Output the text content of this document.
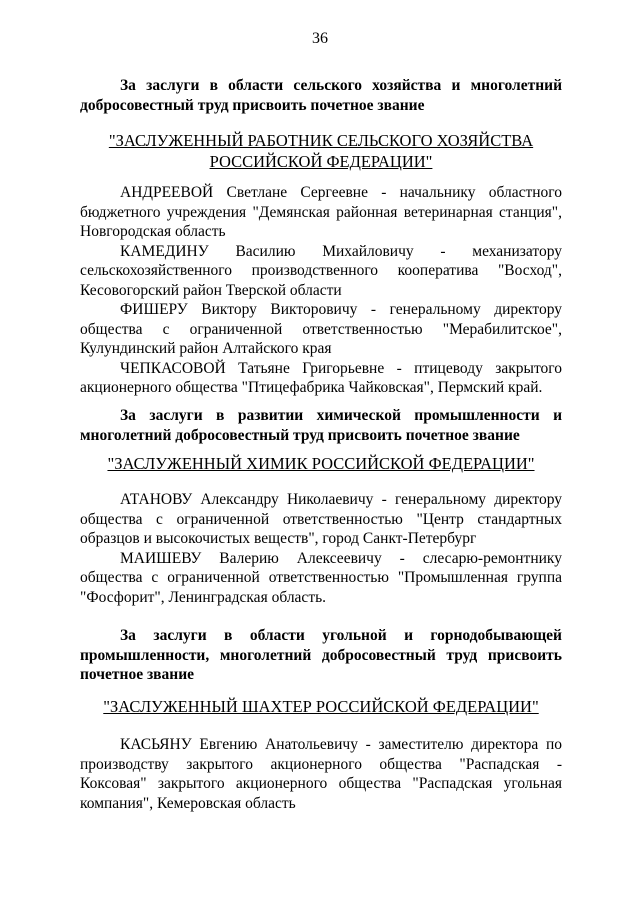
36
За заслуги в области сельского хозяйства и многолетний добросовестный труд присвоить почетное звание
"ЗАСЛУЖЕННЫЙ РАБОТНИК СЕЛЬСКОГО ХОЗЯЙСТВА РОССИЙСКОЙ ФЕДЕРАЦИИ"

АНДРЕЕВОЙ Светлане Сергеевне - начальнику областного бюджетного учреждения "Демянская районная ветеринарная станция", Новгородская область

КАМЕДИНУ Василию Михайловичу - механизатору сельскохозяйственного производственного кооператива "Восход", Кесовогорский район Тверской области

ФИШЕРУ Виктору Викторовичу - генеральному директору общества с ограниченной ответственностью "Мерабилитское", Кулундинский район Алтайского края

ЧЕПКАСОВОЙ Татьяне Григорьевне - птицеводу закрытого акционерного общества "Птицефабрика Чайковская", Пермский край.

За заслуги в развитии химической промышленности и многолетний добросовестный труд присвоить почетное звание
"ЗАСЛУЖЕННЫЙ ХИМИК РОССИЙСКОЙ ФЕДЕРАЦИИ"

АТАНОВУ Александру Николаевичу - генеральному директору общества с ограниченной ответственностью "Центр стандартных образцов и высокочистых веществ", город Санкт-Петербург

МАИШЕВУ Валерию Алексеевичу - слесарю-ремонтнику общества с ограниченной ответственностью "Промышленная группа "Фосфорит", Ленинградская область.

За заслуги в области угольной и горнодобывающей промышленности, многолетний добросовестный труд присвоить почетное звание
"ЗАСЛУЖЕННЫЙ ШАХТЕР РОССИЙСКОЙ ФЕДЕРАЦИИ"

КАСЬЯНУ Евгению Анатольевичу - заместителю директора по производству закрытого акционерного общества "Распадская - Коксовая" закрытого акционерного общества "Распадская угольная компания", Кемеровская область
